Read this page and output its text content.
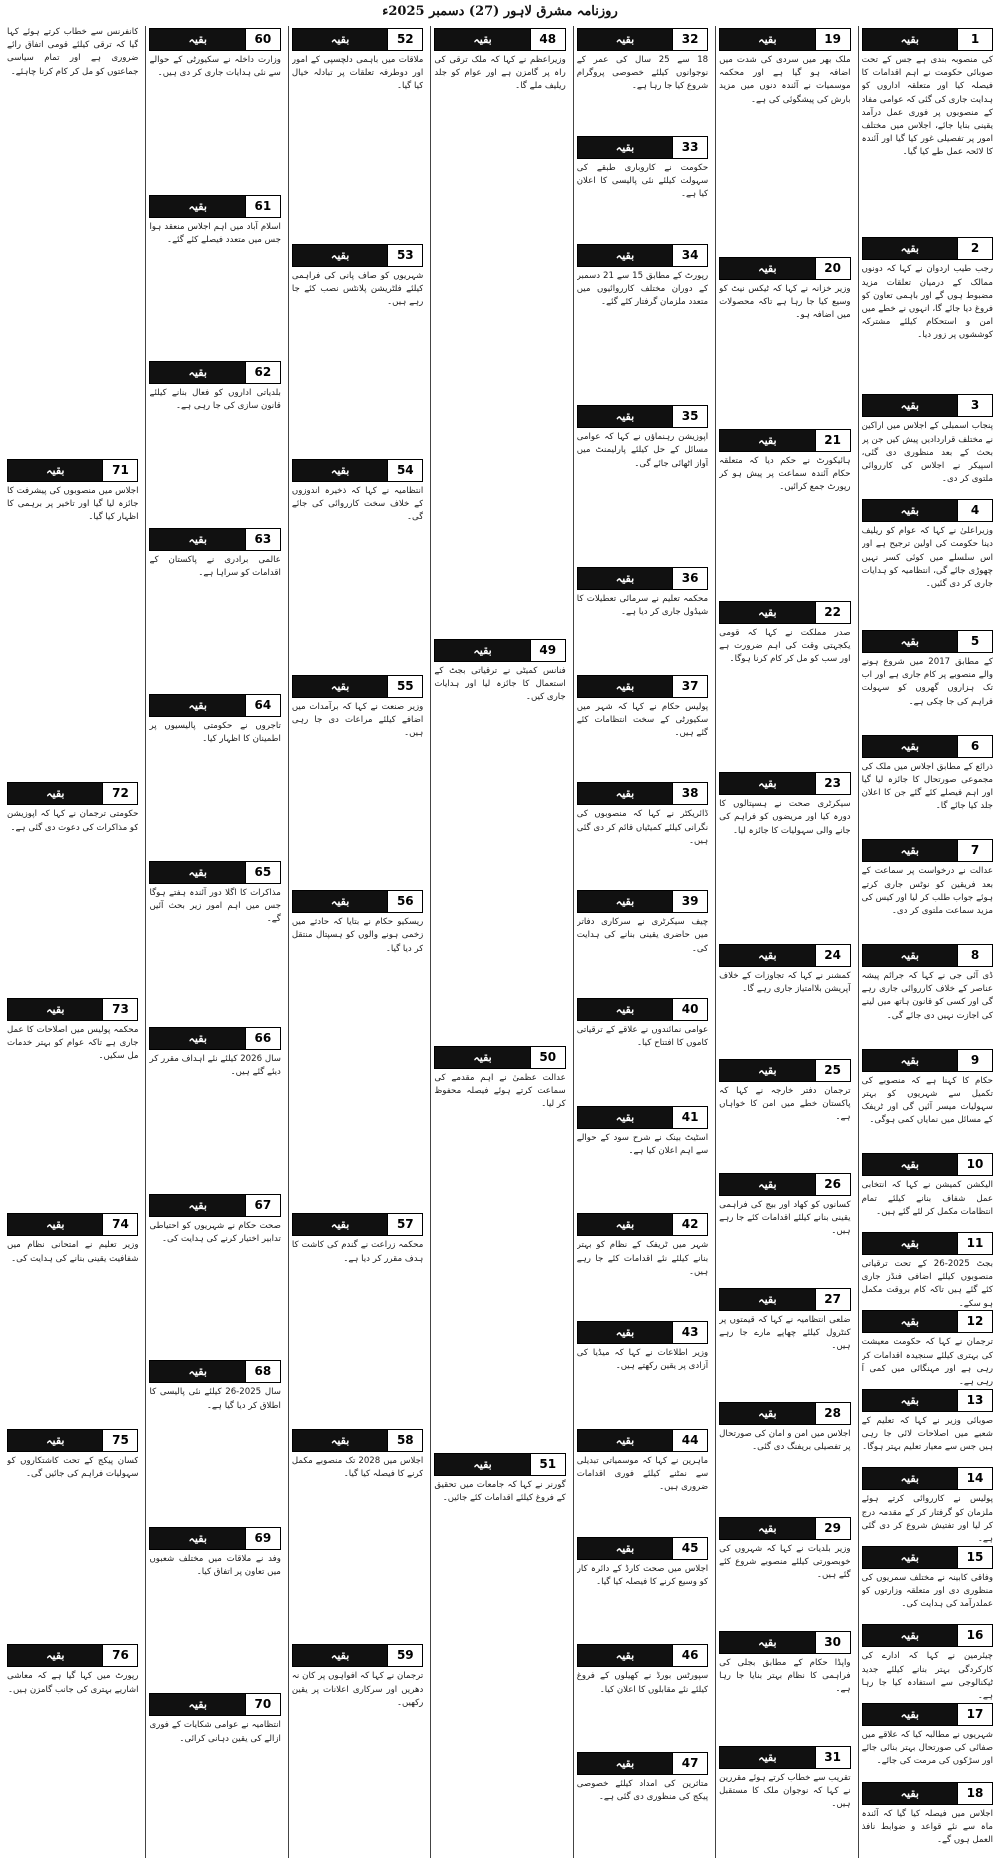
روزنامہ مشرق لاہور (27) دسمبر 2025ء
1
بقیہ
کی منصوبہ بندی ہے جس کے تحت صوبائی حکومت نے اہم اقدامات کا فیصلہ کیا اور متعلقہ اداروں کو ہدایت جاری کی گئی کہ عوامی مفاد کے منصوبوں پر فوری عمل درآمد یقینی بنایا جائے، اجلاس میں مختلف امور پر تفصیلی غور کیا گیا اور آئندہ کا لائحہ عمل طے کیا گیا۔
2
بقیہ
رجب طیب اردوان نے کہا کہ دونوں ممالک کے درمیان تعلقات مزید مضبوط ہوں گے اور باہمی تعاون کو فروغ دیا جائے گا، انہوں نے خطے میں امن و استحکام کیلئے مشترکہ کوششوں پر زور دیا۔
3
بقیہ
پنجاب اسمبلی کے اجلاس میں اراکین نے مختلف قراردادیں پیش کیں جن پر بحث کے بعد منظوری دی گئی، اسپیکر نے اجلاس کی کارروائی ملتوی کر دی۔
4
بقیہ
وزیراعلیٰ نے کہا کہ عوام کو ریلیف دینا حکومت کی اولین ترجیح ہے اور اس سلسلے میں کوئی کسر نہیں چھوڑی جائے گی، انتظامیہ کو ہدایات جاری کر دی گئیں۔
5
بقیہ
کے مطابق 2017 میں شروع ہونے والے منصوبے پر کام جاری ہے اور اب تک ہزاروں گھروں کو سہولت فراہم کی جا چکی ہے۔
6
بقیہ
ذرائع کے مطابق اجلاس میں ملک کی مجموعی صورتحال کا جائزہ لیا گیا اور اہم فیصلے کئے گئے جن کا اعلان جلد کیا جائے گا۔
7
بقیہ
عدالت نے درخواست پر سماعت کے بعد فریقین کو نوٹس جاری کرتے ہوئے جواب طلب کر لیا اور کیس کی مزید سماعت ملتوی کر دی۔
8
بقیہ
ڈی آئی جی نے کہا کہ جرائم پیشہ عناصر کے خلاف کارروائی جاری رہے گی اور کسی کو قانون ہاتھ میں لینے کی اجازت نہیں دی جائے گی۔
9
بقیہ
حکام کا کہنا ہے کہ منصوبے کی تکمیل سے شہریوں کو بہتر سہولیات میسر آئیں گی اور ٹریفک کے مسائل میں نمایاں کمی ہوگی۔
10
بقیہ
الیکشن کمیشن نے کہا کہ انتخابی عمل شفاف بنانے کیلئے تمام انتظامات مکمل کر لئے گئے ہیں۔
11
بقیہ
بجٹ 2025-26 کے تحت ترقیاتی منصوبوں کیلئے اضافی فنڈز جاری کئے گئے ہیں تاکہ کام بروقت مکمل ہو سکے۔
12
بقیہ
ترجمان نے کہا کہ حکومت معیشت کی بہتری کیلئے سنجیدہ اقدامات کر رہی ہے اور مہنگائی میں کمی آ رہی ہے۔
13
بقیہ
صوبائی وزیر نے کہا کہ تعلیم کے شعبے میں اصلاحات لائی جا رہی ہیں جس سے معیار تعلیم بہتر ہوگا۔
14
بقیہ
پولیس نے کارروائی کرتے ہوئے ملزمان کو گرفتار کر کے مقدمہ درج کر لیا اور تفتیش شروع کر دی گئی ہے۔
15
بقیہ
وفاقی کابینہ نے مختلف سمریوں کی منظوری دی اور متعلقہ وزارتوں کو عملدرآمد کی ہدایت کی۔
16
بقیہ
چیئرمین نے کہا کہ ادارے کی کارکردگی بہتر بنانے کیلئے جدید ٹیکنالوجی سے استفادہ کیا جا رہا ہے۔
17
بقیہ
شہریوں نے مطالبہ کیا کہ علاقے میں صفائی کی صورتحال بہتر بنائی جائے اور سڑکوں کی مرمت کی جائے۔
18
بقیہ
اجلاس میں فیصلہ کیا گیا کہ آئندہ ماہ سے نئے قواعد و ضوابط نافذ العمل ہوں گے۔
19
بقیہ
ملک بھر میں سردی کی شدت میں اضافہ ہو گیا ہے اور محکمہ موسمیات نے آئندہ دنوں میں مزید بارش کی پیشگوئی کی ہے۔
20
بقیہ
وزیر خزانہ نے کہا کہ ٹیکس نیٹ کو وسیع کیا جا رہا ہے تاکہ محصولات میں اضافہ ہو۔
21
بقیہ
ہائیکورٹ نے حکم دیا کہ متعلقہ حکام آئندہ سماعت پر پیش ہو کر رپورٹ جمع کرائیں۔
22
بقیہ
صدر مملکت نے کہا کہ قومی یکجہتی وقت کی اہم ضرورت ہے اور سب کو مل کر کام کرنا ہوگا۔
23
بقیہ
سیکرٹری صحت نے ہسپتالوں کا دورہ کیا اور مریضوں کو فراہم کی جانے والی سہولیات کا جائزہ لیا۔
24
بقیہ
کمشنر نے کہا کہ تجاوزات کے خلاف آپریشن بلاامتیاز جاری رہے گا۔
25
بقیہ
ترجمان دفتر خارجہ نے کہا کہ پاکستان خطے میں امن کا خواہاں ہے۔
26
بقیہ
کسانوں کو کھاد اور بیج کی فراہمی یقینی بنانے کیلئے اقدامات کئے جا رہے ہیں۔
27
بقیہ
ضلعی انتظامیہ نے کہا کہ قیمتوں پر کنٹرول کیلئے چھاپے مارے جا رہے ہیں۔
28
بقیہ
اجلاس میں امن و امان کی صورتحال پر تفصیلی بریفنگ دی گئی۔
29
بقیہ
وزیر بلدیات نے کہا کہ شہروں کی خوبصورتی کیلئے منصوبے شروع کئے گئے ہیں۔
30
بقیہ
واپڈا حکام کے مطابق بجلی کی فراہمی کا نظام بہتر بنایا جا رہا ہے۔
31
بقیہ
تقریب سے خطاب کرتے ہوئے مقررین نے کہا کہ نوجوان ملک کا مستقبل ہیں۔
32
بقیہ
18 سے 25 سال کی عمر کے نوجوانوں کیلئے خصوصی پروگرام شروع کیا جا رہا ہے۔
33
بقیہ
حکومت نے کاروباری طبقے کی سہولت کیلئے نئی پالیسی کا اعلان کیا ہے۔
34
بقیہ
رپورٹ کے مطابق 15 سے 21 دسمبر کے دوران مختلف کارروائیوں میں متعدد ملزمان گرفتار کئے گئے۔
35
بقیہ
اپوزیشن رہنماؤں نے کہا کہ عوامی مسائل کے حل کیلئے پارلیمنٹ میں آواز اٹھائی جائے گی۔
36
بقیہ
محکمہ تعلیم نے سرمائی تعطیلات کا شیڈول جاری کر دیا ہے۔
37
بقیہ
پولیس حکام نے کہا کہ شہر میں سکیورٹی کے سخت انتظامات کئے گئے ہیں۔
38
بقیہ
ڈائریکٹر نے کہا کہ منصوبوں کی نگرانی کیلئے کمیٹیاں قائم کر دی گئی ہیں۔
39
بقیہ
چیف سیکرٹری نے سرکاری دفاتر میں حاضری یقینی بنانے کی ہدایت کی۔
40
بقیہ
عوامی نمائندوں نے علاقے کے ترقیاتی کاموں کا افتتاح کیا۔
41
بقیہ
اسٹیٹ بینک نے شرح سود کے حوالے سے اہم اعلان کیا ہے۔
42
بقیہ
شہر میں ٹریفک کے نظام کو بہتر بنانے کیلئے نئے اقدامات کئے جا رہے ہیں۔
43
بقیہ
وزیر اطلاعات نے کہا کہ میڈیا کی آزادی پر یقین رکھتے ہیں۔
44
بقیہ
ماہرین نے کہا کہ موسمیاتی تبدیلی سے نمٹنے کیلئے فوری اقدامات ضروری ہیں۔
45
بقیہ
اجلاس میں صحت کارڈ کے دائرہ کار کو وسیع کرنے کا فیصلہ کیا گیا۔
46
بقیہ
سپورٹس بورڈ نے کھیلوں کے فروغ کیلئے نئے مقابلوں کا اعلان کیا۔
47
بقیہ
متاثرین کی امداد کیلئے خصوصی پیکج کی منظوری دی گئی ہے۔
48
بقیہ
وزیراعظم نے کہا کہ ملک ترقی کی راہ پر گامزن ہے اور عوام کو جلد ریلیف ملے گا۔
49
بقیہ
فنانس کمیٹی نے ترقیاتی بجٹ کے استعمال کا جائزہ لیا اور ہدایات جاری کیں۔
50
بقیہ
عدالت عظمیٰ نے اہم مقدمے کی سماعت کرتے ہوئے فیصلہ محفوظ کر لیا۔
51
بقیہ
گورنر نے کہا کہ جامعات میں تحقیق کے فروغ کیلئے اقدامات کئے جائیں۔
52
بقیہ
ملاقات میں باہمی دلچسپی کے امور اور دوطرفہ تعلقات پر تبادلہ خیال کیا گیا۔
53
بقیہ
شہریوں کو صاف پانی کی فراہمی کیلئے فلٹریشن پلانٹس نصب کئے جا رہے ہیں۔
54
بقیہ
انتظامیہ نے کہا کہ ذخیرہ اندوزوں کے خلاف سخت کارروائی کی جائے گی۔
55
بقیہ
وزیر صنعت نے کہا کہ برآمدات میں اضافے کیلئے مراعات دی جا رہی ہیں۔
56
بقیہ
ریسکیو حکام نے بتایا کہ حادثے میں زخمی ہونے والوں کو ہسپتال منتقل کر دیا گیا۔
57
بقیہ
محکمہ زراعت نے گندم کی کاشت کا ہدف مقرر کر دیا ہے۔
58
بقیہ
اجلاس میں 2028 تک منصوبے مکمل کرنے کا فیصلہ کیا گیا۔
59
بقیہ
ترجمان نے کہا کہ افواہوں پر کان نہ دھریں اور سرکاری اعلانات پر یقین رکھیں۔
60
بقیہ
وزارت داخلہ نے سکیورٹی کے حوالے سے نئی ہدایات جاری کر دی ہیں۔
61
بقیہ
اسلام آباد میں اہم اجلاس منعقد ہوا جس میں متعدد فیصلے کئے گئے۔
62
بقیہ
بلدیاتی اداروں کو فعال بنانے کیلئے قانون سازی کی جا رہی ہے۔
63
بقیہ
عالمی برادری نے پاکستان کے اقدامات کو سراہا ہے۔
64
بقیہ
تاجروں نے حکومتی پالیسیوں پر اطمینان کا اظہار کیا۔
65
بقیہ
مذاکرات کا اگلا دور آئندہ ہفتے ہوگا جس میں اہم امور زیر بحث آئیں گے۔
66
بقیہ
سال 2026 کیلئے نئے اہداف مقرر کر دیئے گئے ہیں۔
67
بقیہ
صحت حکام نے شہریوں کو احتیاطی تدابیر اختیار کرنے کی ہدایت کی۔
68
بقیہ
سال 2025-26 کیلئے نئی پالیسی کا اطلاق کر دیا گیا ہے۔
69
بقیہ
وفد نے ملاقات میں مختلف شعبوں میں تعاون پر اتفاق کیا۔
70
بقیہ
انتظامیہ نے عوامی شکایات کے فوری ازالے کی یقین دہانی کرائی۔
کانفرنس سے خطاب کرتے ہوئے کہا گیا کہ ترقی کیلئے قومی اتفاق رائے ضروری ہے اور تمام سیاسی جماعتوں کو مل کر کام کرنا چاہئے۔
71
بقیہ
اجلاس میں منصوبوں کی پیشرفت کا جائزہ لیا گیا اور تاخیر پر برہمی کا اظہار کیا گیا۔
72
بقیہ
حکومتی ترجمان نے کہا کہ اپوزیشن کو مذاکرات کی دعوت دی گئی ہے۔
73
بقیہ
محکمہ پولیس میں اصلاحات کا عمل جاری ہے تاکہ عوام کو بہتر خدمات مل سکیں۔
74
بقیہ
وزیر تعلیم نے امتحانی نظام میں شفافیت یقینی بنانے کی ہدایت کی۔
75
بقیہ
کسان پیکج کے تحت کاشتکاروں کو سہولیات فراہم کی جائیں گی۔
76
بقیہ
رپورٹ میں کہا گیا ہے کہ معاشی اشاریے بہتری کی جانب گامزن ہیں۔
